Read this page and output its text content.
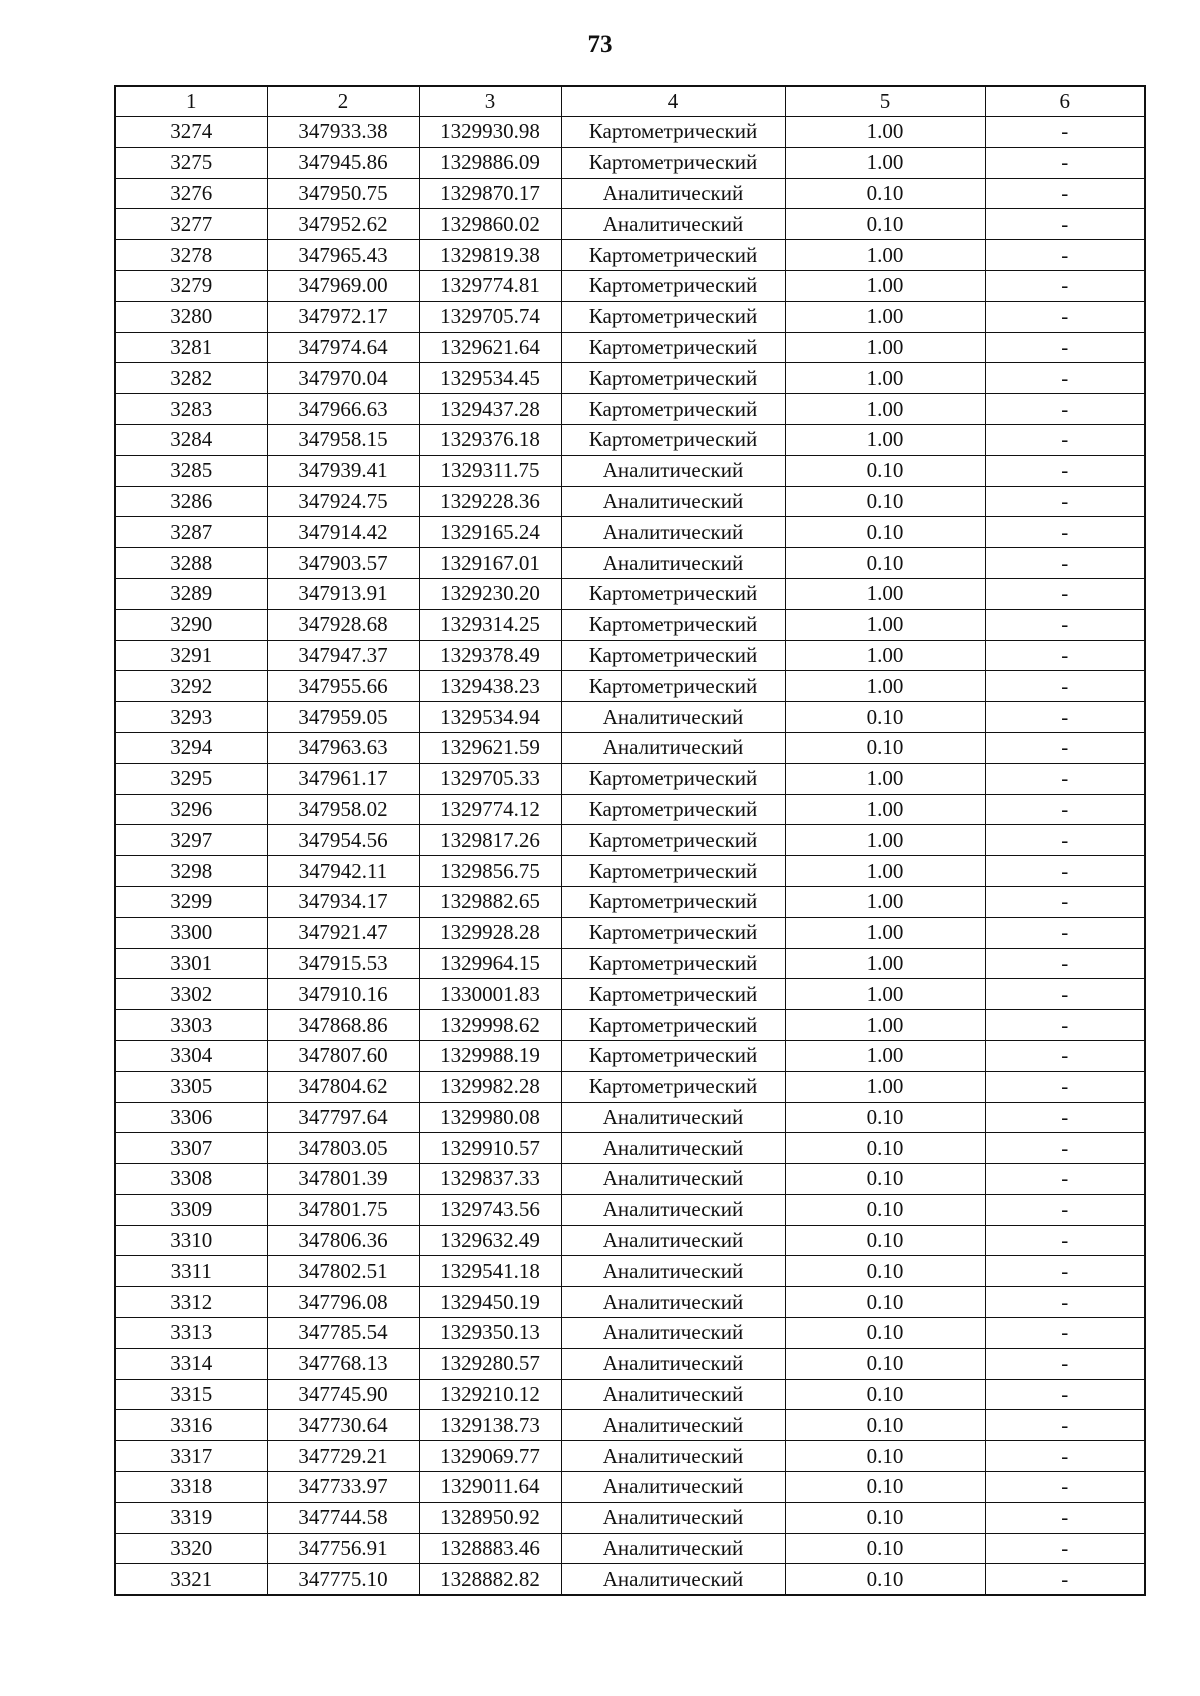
73
1	2	3	4	5	6
3274	347933.38	1329930.98	Картометрический	1.00	-
3275	347945.86	1329886.09	Картометрический	1.00	-
3276	347950.75	1329870.17	Аналитический	0.10	-
3277	347952.62	1329860.02	Аналитический	0.10	-
3278	347965.43	1329819.38	Картометрический	1.00	-
3279	347969.00	1329774.81	Картометрический	1.00	-
3280	347972.17	1329705.74	Картометрический	1.00	-
3281	347974.64	1329621.64	Картометрический	1.00	-
3282	347970.04	1329534.45	Картометрический	1.00	-
3283	347966.63	1329437.28	Картометрический	1.00	-
3284	347958.15	1329376.18	Картометрический	1.00	-
3285	347939.41	1329311.75	Аналитический	0.10	-
3286	347924.75	1329228.36	Аналитический	0.10	-
3287	347914.42	1329165.24	Аналитический	0.10	-
3288	347903.57	1329167.01	Аналитический	0.10	-
3289	347913.91	1329230.20	Картометрический	1.00	-
3290	347928.68	1329314.25	Картометрический	1.00	-
3291	347947.37	1329378.49	Картометрический	1.00	-
3292	347955.66	1329438.23	Картометрический	1.00	-
3293	347959.05	1329534.94	Аналитический	0.10	-
3294	347963.63	1329621.59	Аналитический	0.10	-
3295	347961.17	1329705.33	Картометрический	1.00	-
3296	347958.02	1329774.12	Картометрический	1.00	-
3297	347954.56	1329817.26	Картометрический	1.00	-
3298	347942.11	1329856.75	Картометрический	1.00	-
3299	347934.17	1329882.65	Картометрический	1.00	-
3300	347921.47	1329928.28	Картометрический	1.00	-
3301	347915.53	1329964.15	Картометрический	1.00	-
3302	347910.16	1330001.83	Картометрический	1.00	-
3303	347868.86	1329998.62	Картометрический	1.00	-
3304	347807.60	1329988.19	Картометрический	1.00	-
3305	347804.62	1329982.28	Картометрический	1.00	-
3306	347797.64	1329980.08	Аналитический	0.10	-
3307	347803.05	1329910.57	Аналитический	0.10	-
3308	347801.39	1329837.33	Аналитический	0.10	-
3309	347801.75	1329743.56	Аналитический	0.10	-
3310	347806.36	1329632.49	Аналитический	0.10	-
3311	347802.51	1329541.18	Аналитический	0.10	-
3312	347796.08	1329450.19	Аналитический	0.10	-
3313	347785.54	1329350.13	Аналитический	0.10	-
3314	347768.13	1329280.57	Аналитический	0.10	-
3315	347745.90	1329210.12	Аналитический	0.10	-
3316	347730.64	1329138.73	Аналитический	0.10	-
3317	347729.21	1329069.77	Аналитический	0.10	-
3318	347733.97	1329011.64	Аналитический	0.10	-
3319	347744.58	1328950.92	Аналитический	0.10	-
3320	347756.91	1328883.46	Аналитический	0.10	-
3321	347775.10	1328882.82	Аналитический	0.10	-
